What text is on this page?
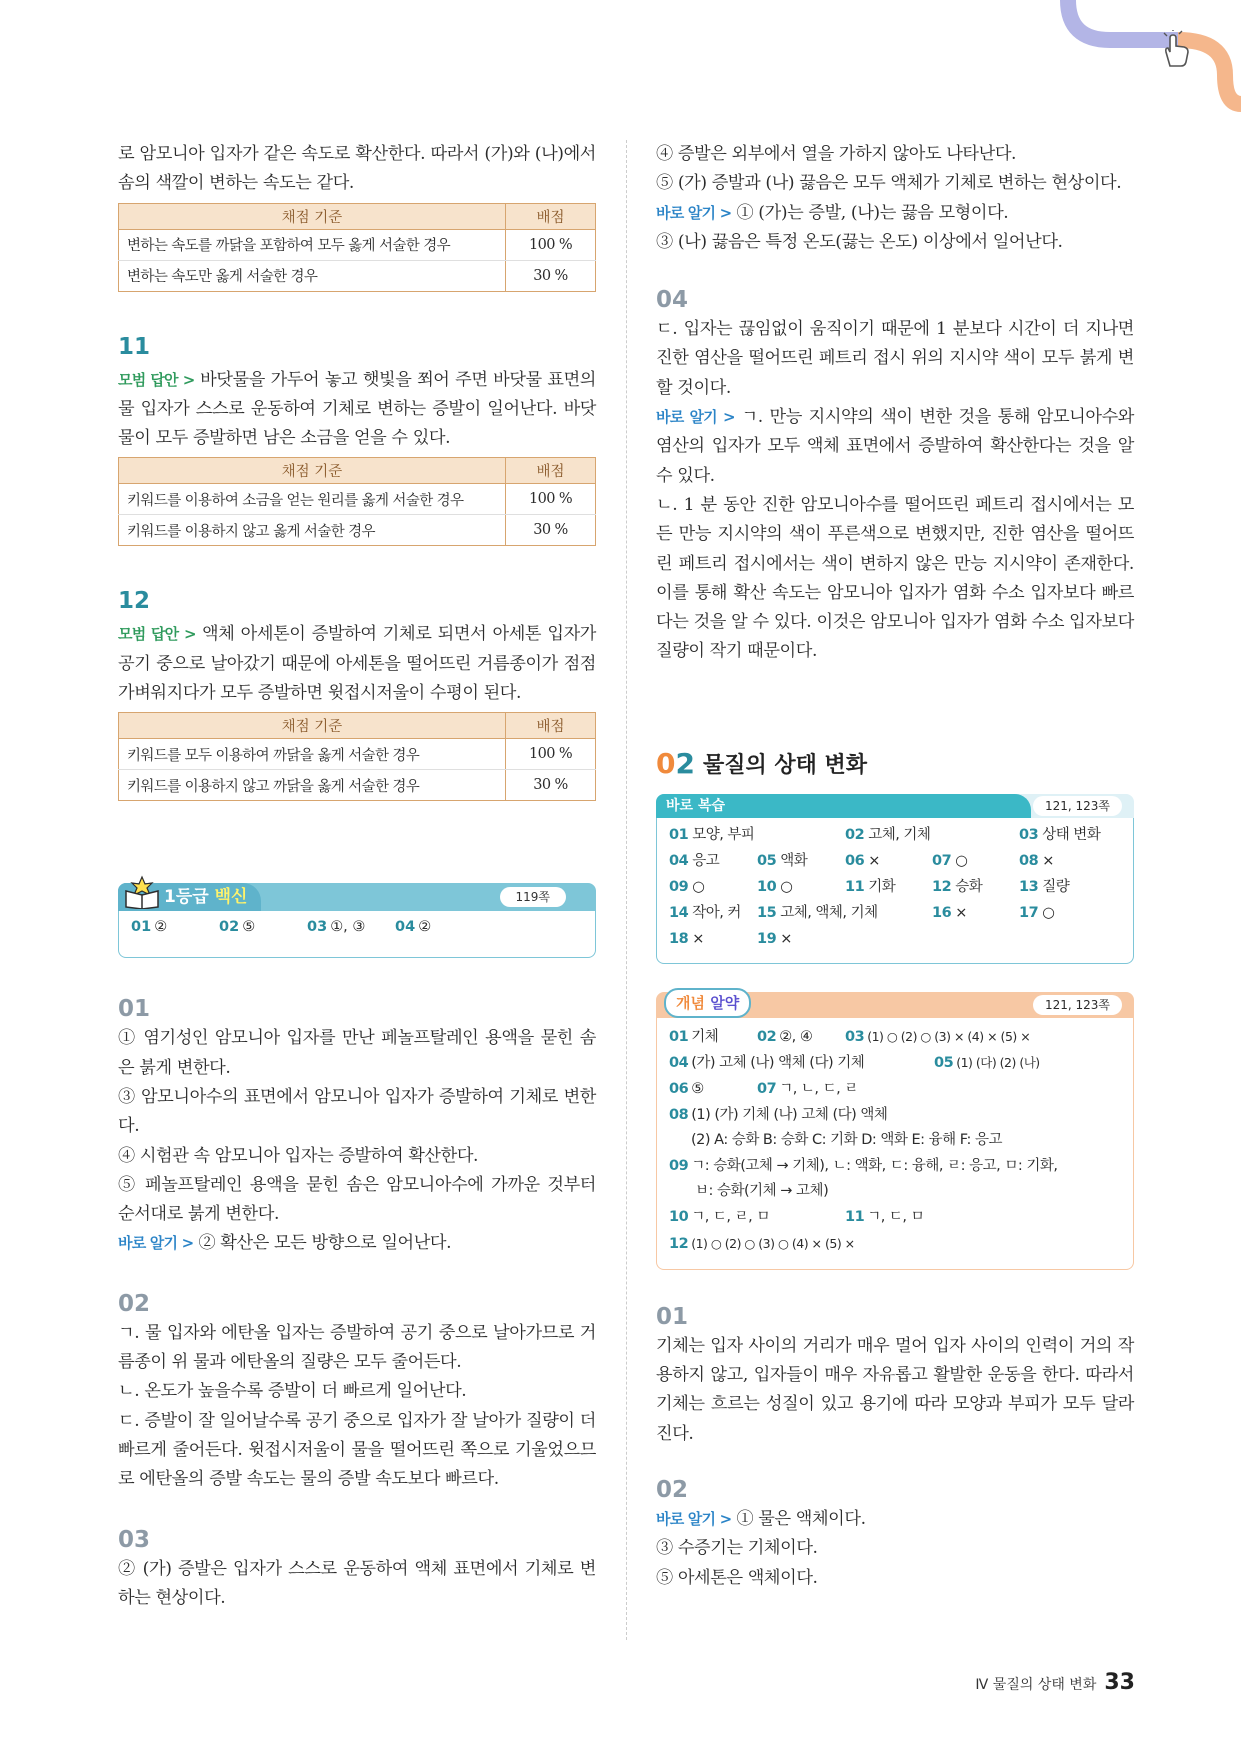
로 암모니아 입자가 같은 속도로 확산한다. 따라서 (가)와 (나)에서 솜의 색깔이 변하는 속도는 같다.
채점 기준	배점
변하는 속도를 까닭을 포함하여 모두 옳게 서술한 경우	100 %
변하는 속도만 옳게 서술한 경우	30 %
11
모범 답안 > 바닷물을 가두어 놓고 햇빛을 쬐어 주면 바닷물 표면의 물 입자가 스스로 운동하여 기체로 변하는 증발이 일어난다. 바닷물이 모두 증발하면 남은 소금을 얻을 수 있다.
채점 기준	배점
키워드를 이용하여 소금을 얻는 원리를 옳게 서술한 경우	100 %
키워드를 이용하지 않고 옳게 서술한 경우	30 %
12
모범 답안 > 액체 아세톤이 증발하여 기체로 되면서 아세톤 입자가 공기 중으로 날아갔기 때문에 아세톤을 떨어뜨린 거름종이가 점점 가벼워지다가 모두 증발하면 윗접시저울이 수평이 된다.
채점 기준	배점
키워드를 모두 이용하여 까닭을 옳게 서술한 경우	100 %
키워드를 이용하지 않고 까닭을 옳게 서술한 경우	30 %
1등급 백신	119쪽
01 ②	02 ⑤	03 ①, ③	04 ②
01
① 염기성인 암모니아 입자를 만난 페놀프탈레인 용액을 묻힌 솜은 붉게 변한다.
③ 암모니아수의 표면에서 암모니아 입자가 증발하여 기체로 변한다.
④ 시험관 속 암모니아 입자는 증발하여 확산한다.
⑤ 페놀프탈레인 용액을 묻힌 솜은 암모니아수에 가까운 것부터 순서대로 붉게 변한다.
바로 알기 > ② 확산은 모든 방향으로 일어난다.
02
ㄱ. 물 입자와 에탄올 입자는 증발하여 공기 중으로 날아가므로 거름종이 위 물과 에탄올의 질량은 모두 줄어든다.
ㄴ. 온도가 높을수록 증발이 더 빠르게 일어난다.
ㄷ. 증발이 잘 일어날수록 공기 중으로 입자가 잘 날아가 질량이 더 빠르게 줄어든다. 윗접시저울이 물을 떨어뜨린 쪽으로 기울었으므로 에탄올의 증발 속도는 물의 증발 속도보다 빠르다.
03
② (가) 증발은 입자가 스스로 운동하여 액체 표면에서 기체로 변하는 현상이다.
④ 증발은 외부에서 열을 가하지 않아도 나타난다.
⑤ (가) 증발과 (나) 끓음은 모두 액체가 기체로 변하는 현상이다.
바로 알기 > ① (가)는 증발, (나)는 끓음 모형이다.
③ (나) 끓음은 특정 온도(끓는 온도) 이상에서 일어난다.
04
ㄷ. 입자는 끊임없이 움직이기 때문에 1 분보다 시간이 더 지나면 진한 염산을 떨어뜨린 페트리 접시 위의 지시약 색이 모두 붉게 변할 것이다.
바로 알기 > ㄱ. 만능 지시약의 색이 변한 것을 통해 암모니아수와 염산의 입자가 모두 액체 표면에서 증발하여 확산한다는 것을 알 수 있다.
ㄴ. 1 분 동안 진한 암모니아수를 떨어뜨린 페트리 접시에서는 모든 만능 지시약의 색이 푸른색으로 변했지만, 진한 염산을 떨어뜨린 페트리 접시에서는 색이 변하지 않은 만능 지시약이 존재한다. 이를 통해 확산 속도는 암모니아 입자가 염화 수소 입자보다 빠르다는 것을 알 수 있다. 이것은 암모니아 입자가 염화 수소 입자보다 질량이 작기 때문이다.
0 2 물질의 상태 변화
바로 복습	121, 123쪽
01 모양, 부피	02 고체, 기체	03 상태 변화
04 응고	05 액화	06 ×	07 ○	08 ×
09 ○	10 ○	11 기화	12 승화	13 질량
14 작아, 커	15 고체, 액체, 기체	16 ×	17 ○
18 ×	19 ×
개념 알약	121, 123쪽
01 기체	02 ②, ④ 03 (1) ○ (2) ○ (3) × (4) × (5) ×
04 (가) 고체 (나) 액체 (다) 기체	05 (1) (다) (2) (나)
06 ⑤	07 ㄱ, ㄴ, ㄷ, ㄹ
08 (1) (가) 기체 (나) 고체 (다) 액체
(2) A: 승화 B: 승화 C: 기화 D: 액화 E: 융해 F: 응고
09 ㄱ: 승화(고체 → 기체), ㄴ: 액화, ㄷ: 융해, ㄹ: 응고, ㅁ: 기화,
ㅂ: 승화(기체 → 고체)
10 ㄱ, ㄷ, ㄹ, ㅁ	11 ㄱ, ㄷ, ㅁ
12 (1) ○ (2) ○ (3) ○ (4) × (5) ×
01
기체는 입자 사이의 거리가 매우 멀어 입자 사이의 인력이 거의 작용하지 않고, 입자들이 매우 자유롭고 활발한 운동을 한다. 따라서 기체는 흐르는 성질이 있고 용기에 따라 모양과 부피가 모두 달라진다.
02
바로 알기 > ① 물은 액체이다.
③ 수증기는 기체이다.
⑤ 아세톤은 액체이다.
Ⅳ 물질의 상태 변화 33
